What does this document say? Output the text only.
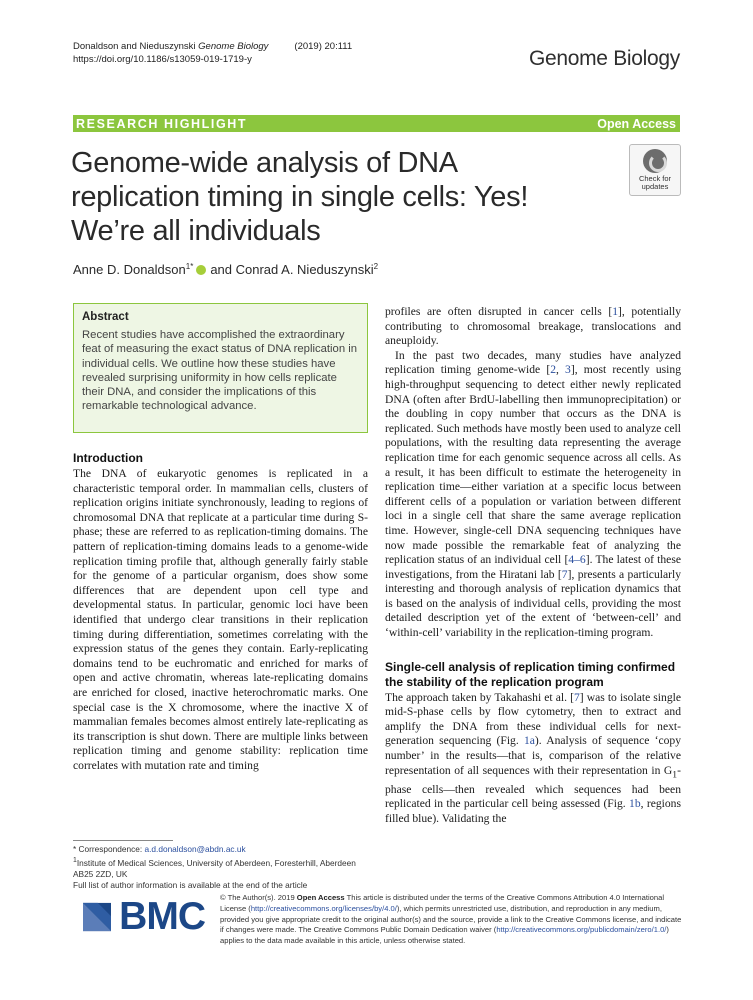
Donaldson and Nieduszynski
Genome Biology	(2019) 20:111
https://doi.org/10.1186/s13059-019-1719-y	Genome Biology
RESEARCH HIGHLIGHT	Open Access
Genome-wide analysis of DNA replication timing in single cells: Yes! We’re all individuals
Check for
updates
Anne D. Donaldson$^{1*}$ and Conrad A. Nieduszynski$^2$
Abstract

Recent studies have accomplished the extraordinary feat of measuring the exact status of DNA replication in individual cells. We outline how these studies have revealed surprising uniformity in how cells replicate their DNA, and consider the implications of this remarkable technological advance.

Introduction

The DNA of eukaryotic genomes is replicated in a characteristic temporal order. In mammalian cells, clusters of replication origins initiate synchronously, leading to regions of chromosomal DNA that replicate at a particular time during S-phase; these are referred to as replication-timing domains. The pattern of replication-timing domains leads to a genome-wide replication timing profile that, although generally fairly stable for the genome of a particular organism, does show some differences that are dependent upon cell type and developmental status. In particular, genomic loci have been identified that undergo clear transitions in their replication timing during differentiation, sometimes correlating with the expression status of the genes they contain. Early-replicating domains tend to be euchromatic and enriched for marks of open and active chromatin, whereas late-replicating domains are enriched for closed, inactive heterochromatic marks. One special case is the X chromosome, where the inactive X of mammalian females becomes almost entirely late-replicating as its transcription is shut down. There are multiple links between replication timing and genome stability: replication time correlates with mutation rate and timing

profiles are often disrupted in cancer cells [1], potentially contributing to chromosomal breakage, translocations and aneuploidy.

In the past two decades, many studies have analyzed replication timing genome-wide [2, 3], most recently using high-throughput sequencing to detect either newly replicated DNA (often after BrdU-labelling then immunoprecipitation) or the doubling in copy number that occurs as the DNA is replicated. Such methods have mostly been used to analyze cell populations, with the resulting data representing the average replication time for each genomic sequence across all cells. As a result, it has been difficult to estimate the heterogeneity in replication time—either variation at a specific locus between different cells of a population or variation between different loci in a single cell that share the same average replication time. However, single-cell DNA sequencing techniques have now made possible the remarkable feat of analyzing the replication status of an individual cell [4–6]. The latest of these investigations, from the Hiratani lab [7], presents a particularly interesting and thorough analysis of replication dynamics that is based on the analysis of individual cells, providing the most detailed description yet of the extent of ‘between-cell’ and ‘within-cell’ variability in the replication-timing program.

Single-cell analysis of replication timing confirmed the stability of the replication program

The approach taken by Takahashi et al. [7] was to isolate single mid-S-phase cells by flow cytometry, then to extract and amplify the DNA from these individual cells for next-generation sequencing (Fig. 1a). Analysis of sequence ‘copy number’ in the results—that is, comparison of the relative representation of all sequences with their representation in $G_1$-phase cells—then revealed which sequences had been replicated in the particular cell being assessed (Fig. 1b, regions filled blue). Validating the

* Correspondence: a.d.donaldson@abdn.ac.uk
$^1$Institute of Medical Sciences, University of Aberdeen, Foresterhill, Aberdeen AB25 2ZD, UK
Full list of author information is available at the end of the article
BMC © The Author(s). 2019 Open Access This article is distributed under the terms of the Creative Commons Attribution 4.0 International License (http://creativecommons.org/licenses/by/4.0/), which permits unrestricted use, distribution, and reproduction in any medium, provided you give appropriate credit to the original author(s) and the source, provide a link to the Creative Commons license, and indicate if changes were made. The Creative Commons Public Domain Dedication waiver (http://creativecommons.org/publicdomain/zero/1.0/) applies to the data made available in this article, unless otherwise stated.
